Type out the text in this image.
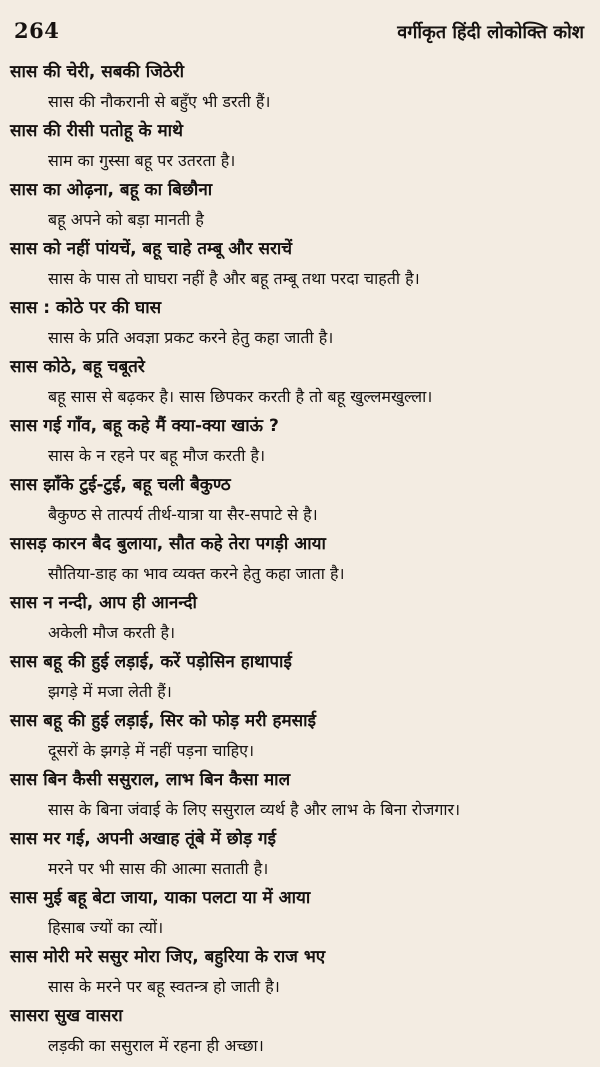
264	वर्गीकृत हिंदी लोकोक्ति कोश
सास की चेरी, सबकी जिठेरी
सास की नौकरानी से बहुँए भी डरती हैं।
सास की रीसी पतोहू के माथे
साम का गुस्सा बहू पर उतरता है।
सास का ओढ़ना, बहू का बिछौना
बहू अपने को बड़ा मानती है
सास को नहीं पांयचें, बहू चाहे तम्बू और सराचें
सास के पास तो घाघरा नहीं है और बहू तम्बू तथा परदा चाहती है।
सास : कोठे पर की घास
सास के प्रति अवज्ञा प्रकट करने हेतु कहा जाती है।
सास कोठे, बहू चबूतरे
बहू सास से बढ़कर है। सास छिपकर करती है तो बहू खुल्लमखुल्ला।
सास गई गाँव, बहू कहे मैं क्या-क्या खाऊं ?
सास के न रहने पर बहू मौज करती है।
सास झाँके टुई-टुई, बहू चली बैकुण्ठ
बैकुण्ठ से तात्पर्य तीर्थ-यात्रा या सैर-सपाटे से है।
सासड़ कारन बैद बुलाया, सौत कहे तेरा पगड़ी आया
सौतिया-डाह का भाव व्यक्त करने हेतु कहा जाता है।
सास न नन्दी, आप ही आनन्दी
अकेली मौज करती है।
सास बहू की हुई लड़ाई, करें पड़ोसिन हाथापाई
झगड़े में मजा लेती हैं।
सास बहू की हुई लड़ाई, सिर को फोड़ मरी हमसाई
दूसरों के झगड़े में नहीं पड़ना चाहिए।
सास बिन कैसी ससुराल, लाभ बिन कैसा माल
सास के बिना जंवाई के लिए ससुराल व्यर्थ है और लाभ के बिना रोजगार।
सास मर गई, अपनी अखाह तूंबे में छोड़ गई
मरने पर भी सास की आत्मा सताती है।
सास मुई बहू बेटा जाया, याका पलटा या में आया
हिसाब ज्यों का त्यों।
सास मोरी मरे ससुर मोरा जिए, बहुरिया के राज भए
सास के मरने पर बहू स्वतन्त्र हो जाती है।
सासरा सुख वासरा
लड़की का ससुराल में रहना ही अच्छा।
